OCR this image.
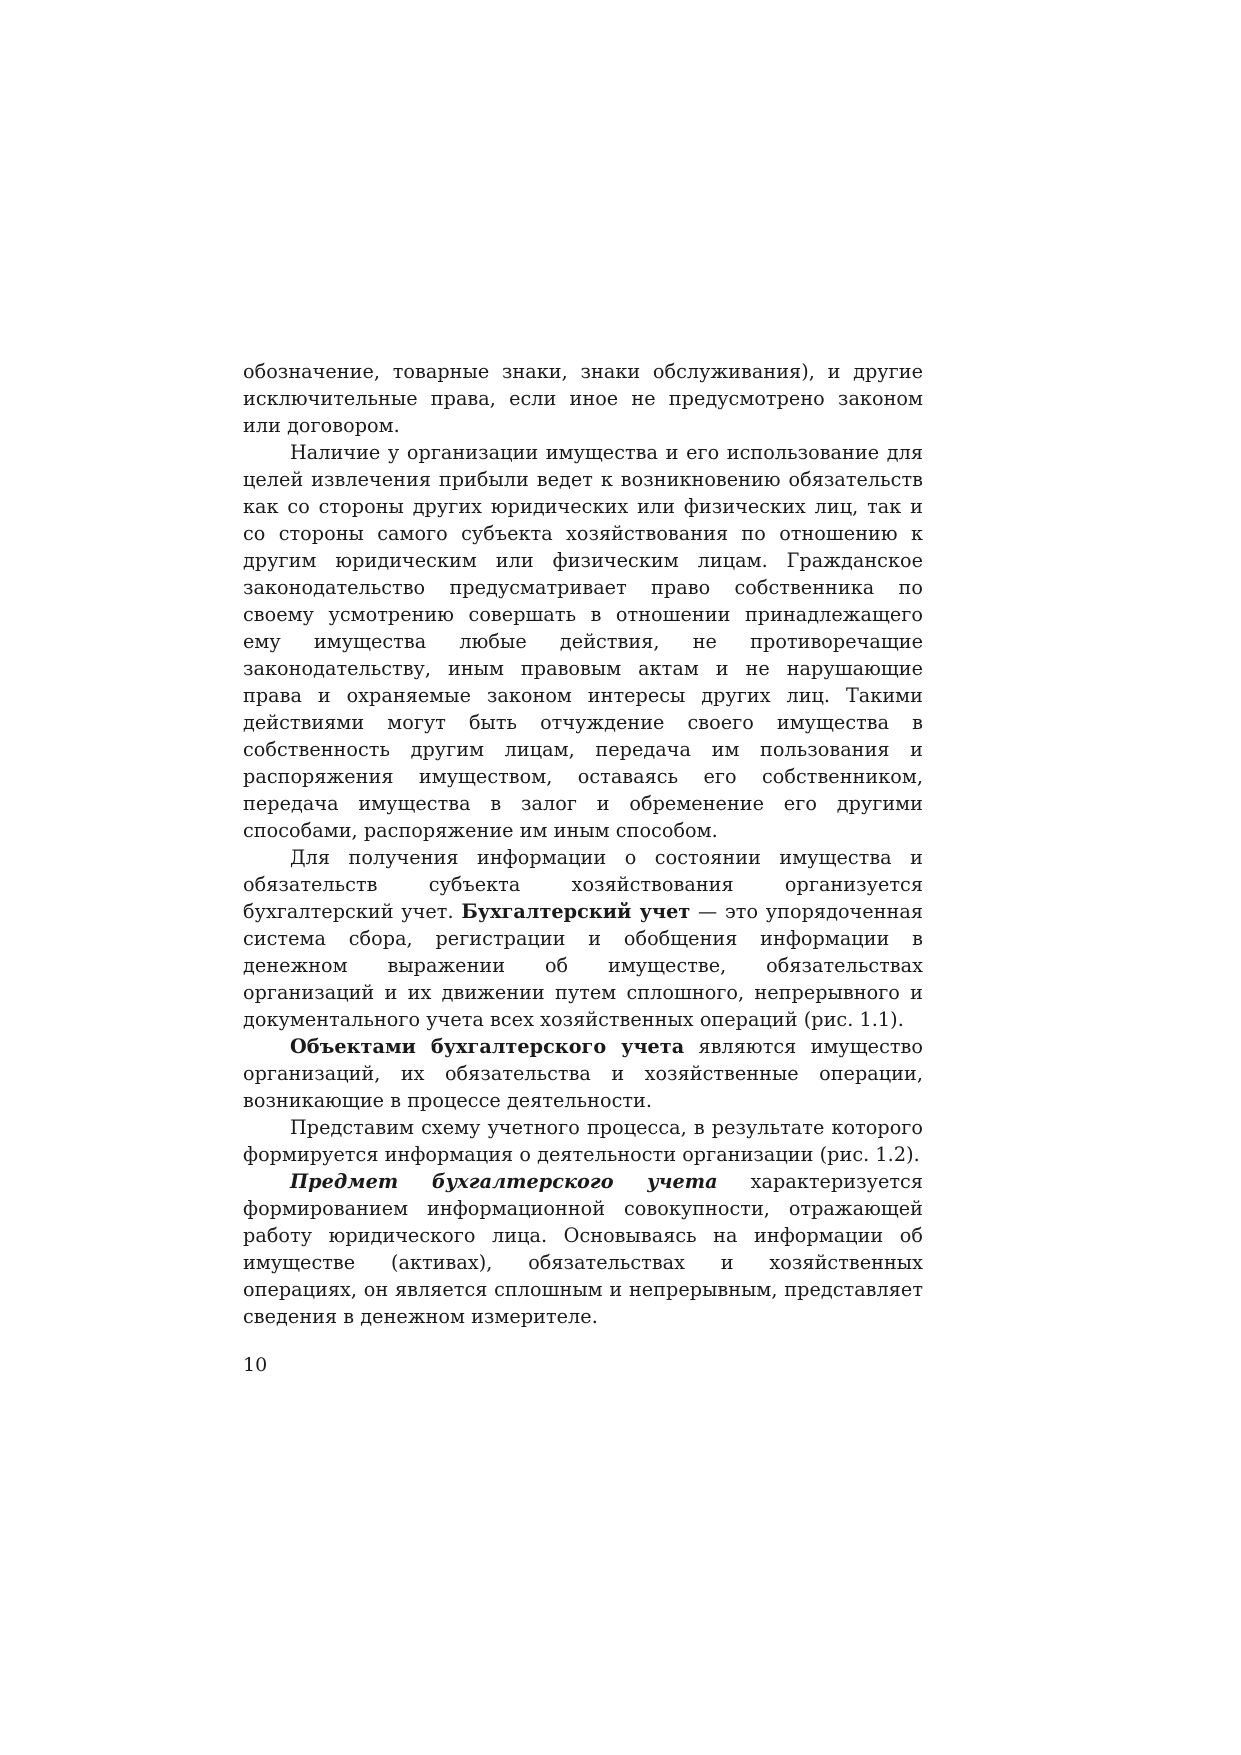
обозначение, товарные знаки, знаки обслуживания), и другие исключительные права, если иное не предусмотрено законом или договором.

Наличие у организации имущества и его использование для целей извлечения прибыли ведет к возникновению обязательств как со стороны других юридических или физических лиц, так и со стороны самого субъекта хозяйствования по отношению к другим юридическим или физическим лицам. Гражданское законодательство предусматривает право собственника по своему усмотрению совершать в отношении принадлежащего ему имущества любые действия, не противоречащие законодательству, иным правовым актам и не нарушающие права и охраняемые законом интересы других лиц. Такими действиями могут быть отчуждение своего имущества в собственность другим лицам, передача им пользования и распоряжения имуществом, оставаясь его собственником, передача имущества в залог и обременение его другими способами, распоряжение им иным способом.

Для получения информации о состоянии имущества и обязательств субъекта хозяйствования организуется бухгалтерский учет. Бухгалтерский учет — это упорядоченная система сбора, регистрации и обобщения информации в денежном выражении об имуществе, обязательствах организаций и их движении путем сплошного, непрерывного и документального учета всех хозяйственных операций (рис. 1.1).

Объектами бухгалтерского учета являются имущество организаций, их обязательства и хозяйственные операции, возникающие в процессе деятельности.

Представим схему учетного процесса, в результате которого формируется информация о деятельности организации (рис. 1.2).

Предмет бухгалтерского учета характеризуется формированием информационной совокупности, отражающей работу юридического лица. Основываясь на информации об имуществе (активах), обязательствах и хозяйственных операциях, он является сплошным и непрерывным, представляет сведения в денежном измерителе.

10
